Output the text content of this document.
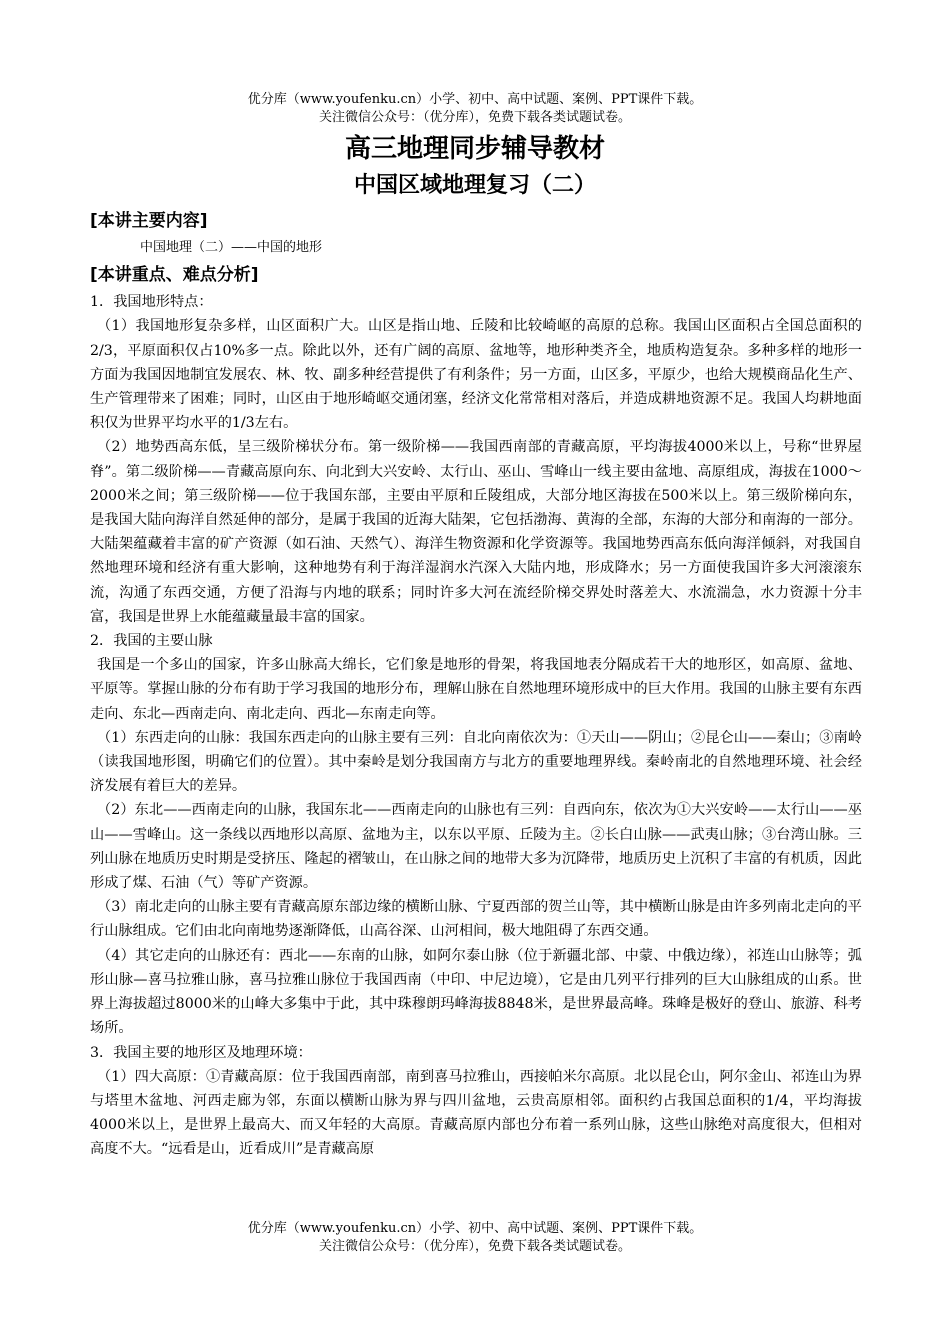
优分库（www.youfenku.cn）小学、初中、高中试题、案例、PPT课件下载。
关注微信公众号：（优分库），免费下载各类试题试卷。
高三地理同步辅导教材
中国区域地理复习（二）

[本讲主要内容]

中国地理（二）——中国的地形

[本讲重点、难点分析]

1．我国地形特点：

（1）我国地形复杂多样，山区面积广大。山区是指山地、丘陵和比较崎岖的高原的总称。我国山区面积占全国总面积的2/3，平原面积仅占10%多一点。除此以外，还有广阔的高原、盆地等，地形种类齐全，地质构造复杂。多种多样的地形一方面为我国因地制宜发展农、林、牧、副多种经营提供了有利条件；另一方面，山区多，平原少，也给大规模商品化生产、生产管理带来了困难；同时，山区由于地形崎岖交通闭塞，经济文化常常相对落后，并造成耕地资源不足。我国人均耕地面积仅为世界平均水平的1/3左右。

（2）地势西高东低，呈三级阶梯状分布。第一级阶梯——我国西南部的青藏高原，平均海拔4000米以上，号称“世界屋脊”。第二级阶梯——青藏高原向东、向北到大兴安岭、太行山、巫山、雪峰山一线主要由盆地、高原组成，海拔在1000～2000米之间；第三级阶梯——位于我国东部，主要由平原和丘陵组成，大部分地区海拔在500米以上。第三级阶梯向东，是我国大陆向海洋自然延伸的部分，是属于我国的近海大陆架，它包括渤海、黄海的全部，东海的大部分和南海的一部分。大陆架蕴藏着丰富的矿产资源（如石油、天然气）、海洋生物资源和化学资源等。我国地势西高东低向海洋倾斜，对我国自然地理环境和经济有重大影响，这种地势有利于海洋湿润水汽深入大陆内地，形成降水；另一方面使我国许多大河滚滚东流，沟通了东西交通，方便了沿海与内地的联系；同时许多大河在流经阶梯交界处时落差大、水流湍急，水力资源十分丰富，我国是世界上水能蕴藏量最丰富的国家。

2．我国的主要山脉

我国是一个多山的国家，许多山脉高大绵长，它们象是地形的骨架，将我国地表分隔成若干大的地形区，如高原、盆地、平原等。掌握山脉的分布有助于学习我国的地形分布，理解山脉在自然地理环境形成中的巨大作用。我国的山脉主要有东西走向、东北—西南走向、南北走向、西北—东南走向等。

（1）东西走向的山脉：我国东西走向的山脉主要有三列：自北向南依次为：①天山——阴山；②昆仑山——秦山；③南岭（读我国地形图，明确它们的位置）。其中秦岭是划分我国南方与北方的重要地理界线。秦岭南北的自然地理环境、社会经济发展有着巨大的差异。

（2）东北——西南走向的山脉，我国东北——西南走向的山脉也有三列：自西向东，依次为①大兴安岭——太行山——巫山——雪峰山。这一条线以西地形以高原、盆地为主，以东以平原、丘陵为主。②长白山脉——武夷山脉；③台湾山脉。三列山脉在地质历史时期是受挤压、隆起的褶皱山，在山脉之间的地带大多为沉降带，地质历史上沉积了丰富的有机质，因此形成了煤、石油（气）等矿产资源。

（3）南北走向的山脉主要有青藏高原东部边缘的横断山脉、宁夏西部的贺兰山等，其中横断山脉是由许多列南北走向的平行山脉组成。它们由北向南地势逐渐降低，山高谷深、山河相间，极大地阻碍了东西交通。

（4）其它走向的山脉还有：西北——东南的山脉，如阿尔泰山脉（位于新疆北部、中蒙、中俄边缘），祁连山山脉等；弧形山脉—喜马拉雅山脉，喜马拉雅山脉位于我国西南（中印、中尼边境），它是由几列平行排列的巨大山脉组成的山系。世界上海拔超过8000米的山峰大多集中于此，其中珠穆朗玛峰海拔8848米，是世界最高峰。珠峰是极好的登山、旅游、科考场所。

3．我国主要的地形区及地理环境：

（1）四大高原：①青藏高原：位于我国西南部，南到喜马拉雅山，西接帕米尔高原。北以昆仑山，阿尔金山、祁连山为界与塔里木盆地、河西走廊为邻，东面以横断山脉为界与四川盆地，云贵高原相邻。面积约占我国总面积的1/4，平均海拔4000米以上，是世界上最高大、而又年轻的大高原。青藏高原内部也分布着一系列山脉，这些山脉绝对高度很大，但相对高度不大。“远看是山，近看成川”是青藏高原

优分库（www.youfenku.cn）小学、初中、高中试题、案例、PPT课件下载。
关注微信公众号：（优分库），免费下载各类试题试卷。
